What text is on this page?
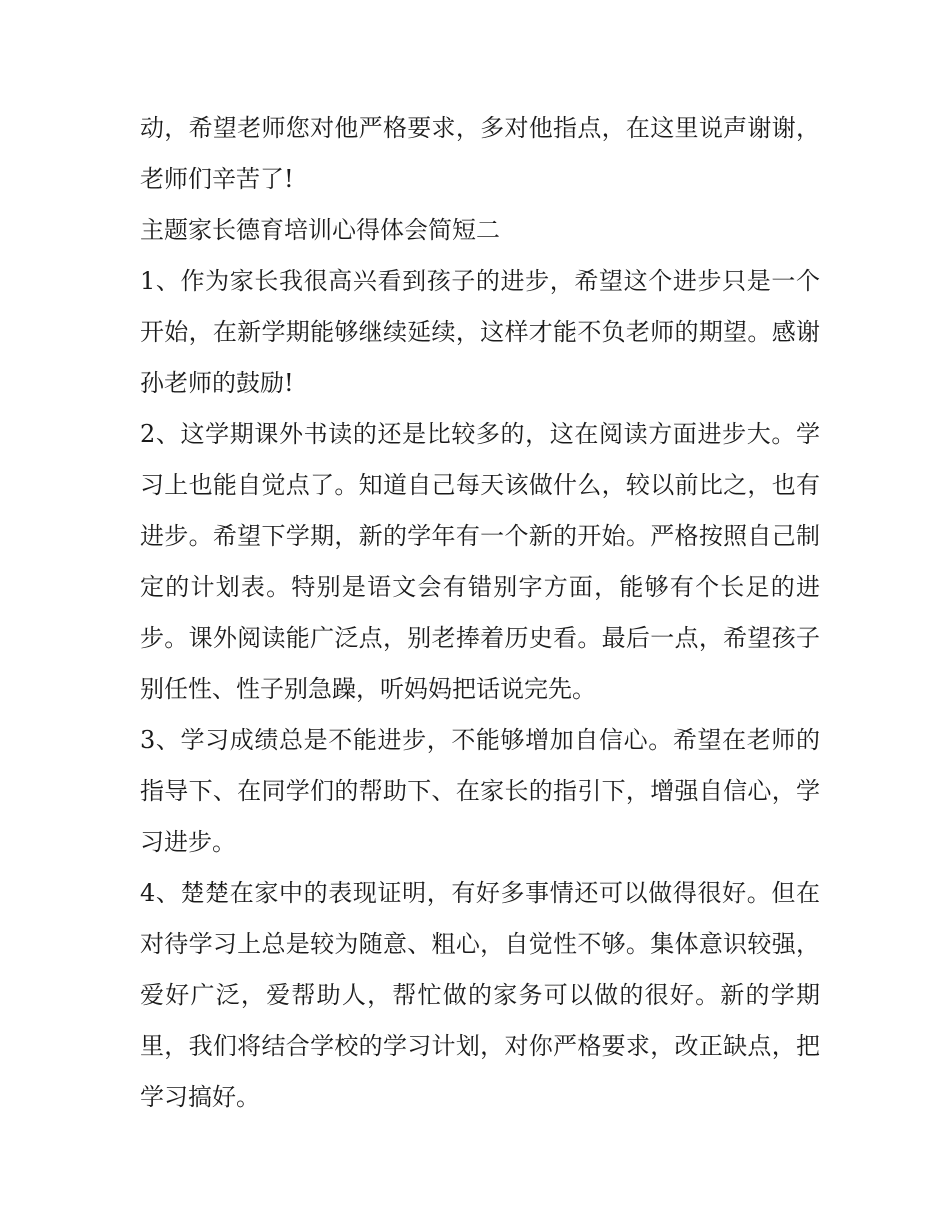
动，希望老师您对他严格要求，多对他指点，在这里说声谢谢，老师们辛苦了!

主题家长德育培训心得体会简短二

1、作为家长我很高兴看到孩子的进步，希望这个进步只是一个开始，在新学期能够继续延续，这样才能不负老师的期望。感谢孙老师的鼓励!

2、这学期课外书读的还是比较多的，这在阅读方面进步大。学习上也能自觉点了。知道自己每天该做什么，较以前比之，也有进步。希望下学期，新的学年有一个新的开始。严格按照自己制定的计划表。特别是语文会有错别字方面，能够有个长足的进步。课外阅读能广泛点，别老捧着历史看。最后一点，希望孩子别任性、性子别急躁，听妈妈把话说完先。

3、学习成绩总是不能进步，不能够增加自信心。希望在老师的指导下、在同学们的帮助下、在家长的指引下，增强自信心，学习进步。

4、楚楚在家中的表现证明，有好多事情还可以做得很好。但在对待学习上总是较为随意、粗心，自觉性不够。集体意识较强，爱好广泛，爱帮助人，帮忙做的家务可以做的很好。新的学期里，我们将结合学校的学习计划，对你严格要求，改正缺点，把学习搞好。
